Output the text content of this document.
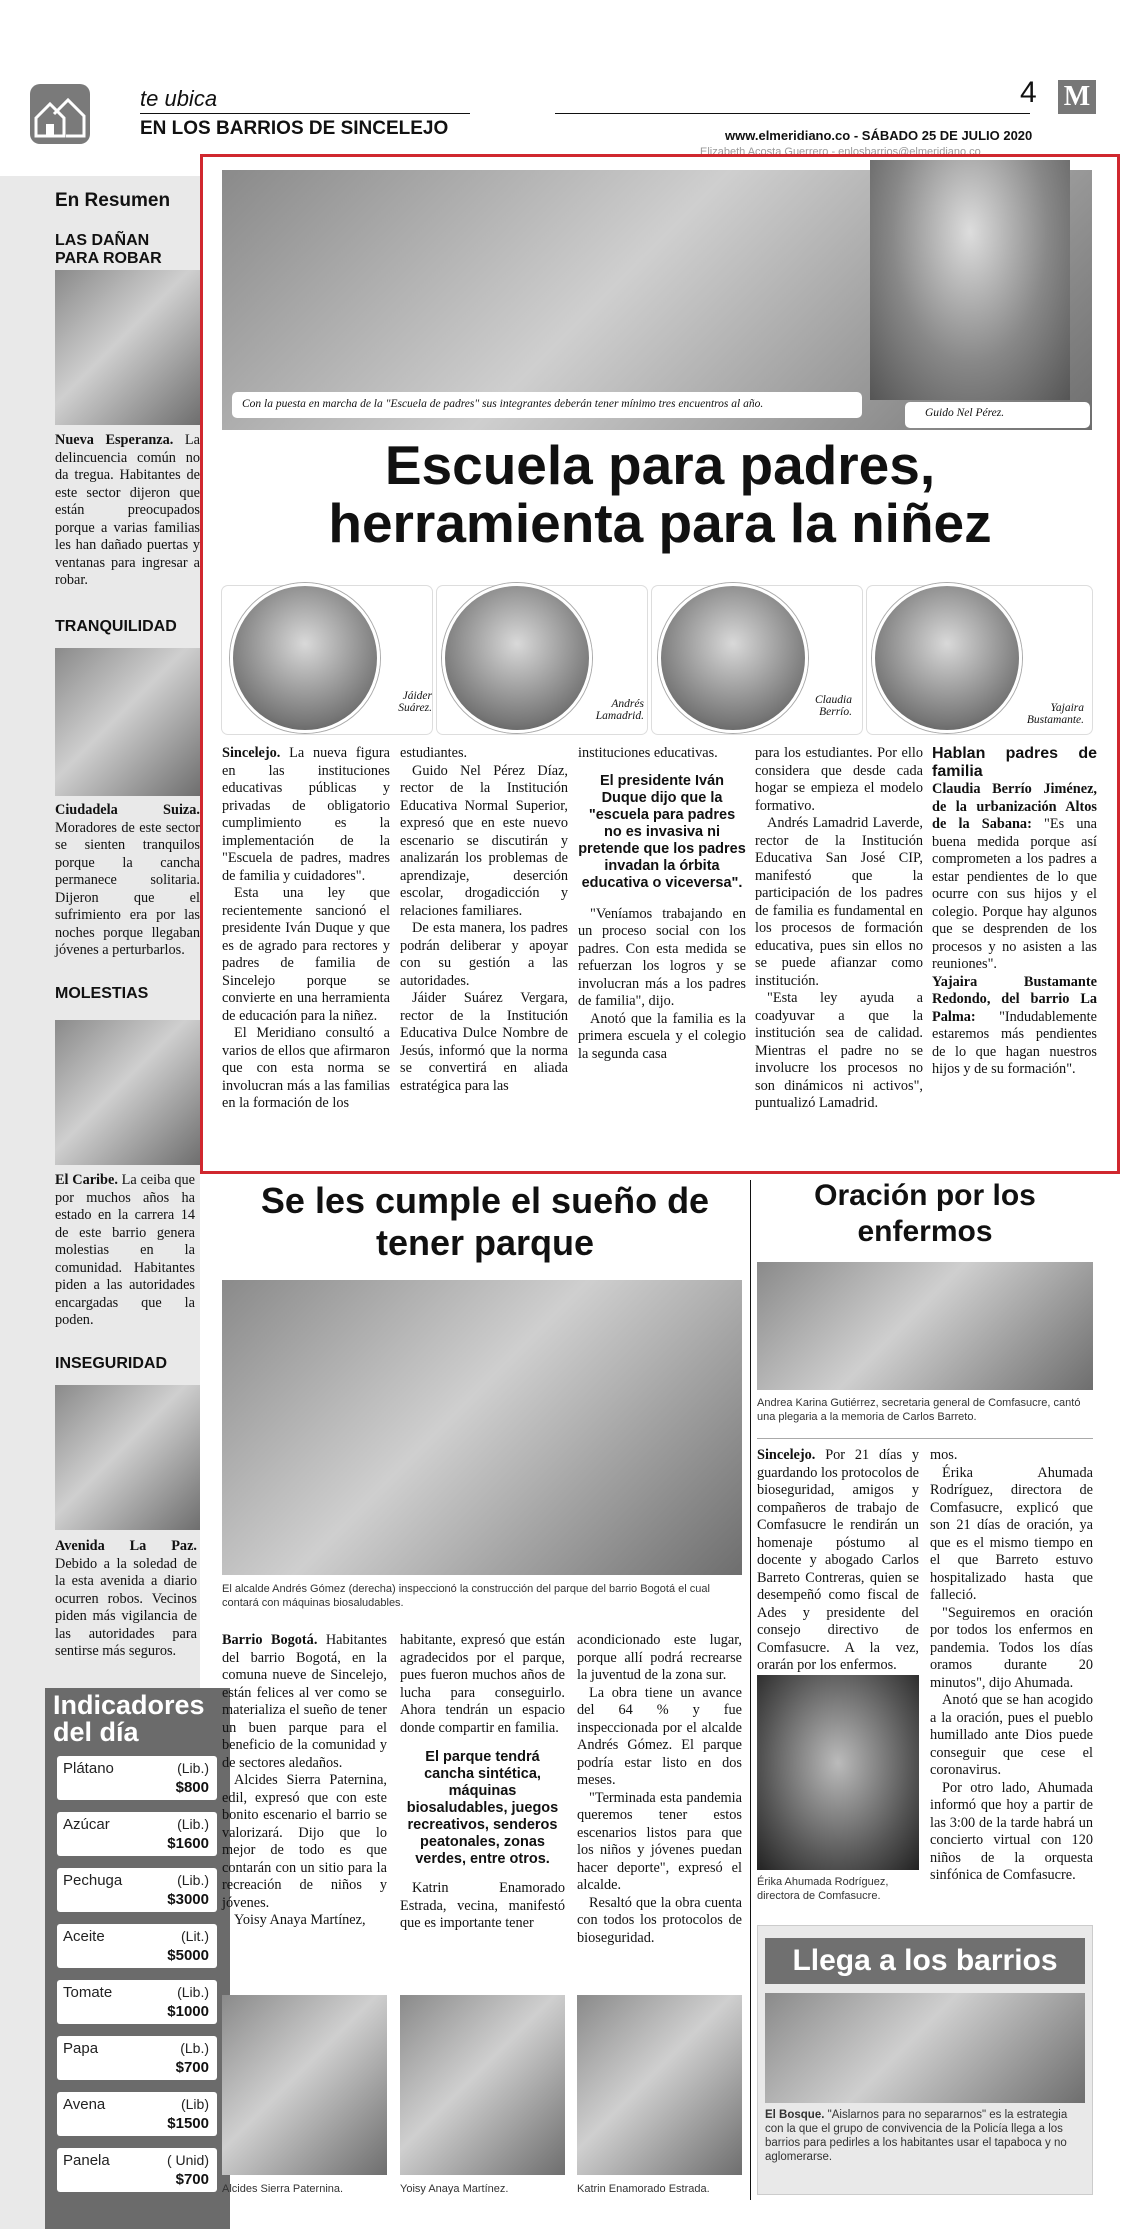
te ubica
EN LOS BARRIOS DE SINCELEJO
4 M
www.elmeridiano.co - SÁBADO 25 DE JULIO 2020
Elizabeth Acosta Guerrero - enlosbarrios@elmeridiano.co
En Resumen
LAS DAÑAN PARA ROBAR

Nueva Esperanza. La delincuencia común no da tregua. Habitantes de este sector dijeron que están preocupados porque a varias familias les han dañado puertas y ventanas para ingresar a robar.

TRANQUILIDAD

Ciudadela Suiza. Moradores de este sector se sienten tranquilos porque la cancha permanece solitaria. Dijeron que el sufrimiento era por las noches porque llegaban jóvenes a perturbarlos.

MOLESTIAS

El Caribe. La ceiba que por muchos años ha estado en la carrera 14 de este barrio genera molestias en la comunidad. Habitantes piden a las autoridades encargadas que la poden.

INSEGURIDAD

Avenida La Paz. Debido a la soledad de la esta avenida a diario ocurren robos. Vecinos piden más vigilancia de las autoridades para sentirse más seguros.

Indicadores del día
Plátano	(Lib.)
$800
Azúcar	(Lib.)
$1600
Pechuga	(Lib.)
$3000
Aceite	(Lit.)
$5000
Tomate	(Lib.)
$1000
Papa	(Lb.)
$700
Avena	(Lib)
$1500
Panela	( Unid)
$700
Con la puesta en marcha de la "Escuela de padres" sus integrantes deberán tener mínimo tres encuentros al año.
Guido Nel Pérez.
Escuela para padres,
herramienta para la niñez
Jáider Suárez.	Andrés Lamadrid.
Claudia Berrío.	Yajaira Bustamante.

Sincelejo. La nueva figura en las instituciones educativas públicas y privadas de obligatorio cumplimiento es la implementación de la "Escuela de padres, madres de familia y cuidadores".

Esta una ley que recientemente sancionó el presidente Iván Duque y que es de agrado para rectores y padres de familia de Sincelejo porque se convierte en una herramienta de educación para la niñez.

El Meridiano consultó a varios de ellos que afirmaron que con esta norma se involucran más a las familias en la formación de los

estudiantes.

Guido Nel Pérez Díaz, rector de la Institución Educativa Normal Superior, expresó que en este nuevo escenario se discutirán y analizarán los problemas de aprendizaje, deserción escolar, drogadicción y relaciones familiares.

De esta manera, los padres podrán deliberar y apoyar con su gestión a las autoridades.

Jáider Suárez Vergara, rector de la Institución Educativa Dulce Nombre de Jesús, informó que la norma se convertirá en aliada estratégica para las

instituciones educativas.

El presidente Iván Duque dijo que la "escuela para padres no es invasiva ni pretende que los padres invadan la órbita educativa o viceversa".

"Veníamos trabajando en un proceso social con los padres. Con esta medida se refuerzan los logros y se involucran más a los padres de familia", dijo.

Anotó que la familia es la primera escuela y el colegio la segunda casa

para los estudiantes. Por ello considera que desde cada hogar se empieza el modelo formativo.

Andrés Lamadrid Laverde, rector de la Institución Educativa San José CIP, manifestó que la participación de los padres de familia es fundamental en los procesos de formación educativa, pues sin ellos no se puede afianzar como institución.

"Esta ley ayuda a coadyuvar a que la institución sea de calidad. Mientras el padre no se involucre los procesos no son dinámicos ni activos", puntualizó Lamadrid.

Hablan padres de familia

Claudia Berrío Jiménez, de la urbanización Altos de la Sabana: "Es una buena medida porque así comprometen a los padres a estar pendientes de lo que ocurre con sus hijos y el colegio. Porque hay algunos que se desprenden de los procesos y no asisten a las reuniones".

Yajaira Bustamante Redondo, del barrio La Palma: "Indudablemente estaremos más pendientes de lo que hagan nuestros hijos y de su formación".

Se les cumple el sueño de tener parque
El alcalde Andrés Gómez (derecha) inspeccionó la construcción del parque del barrio Bogotá el cual contará con máquinas biosaludables.

Barrio Bogotá. Habitantes del barrio Bogotá, en la comuna nueve de Sincelejo, están felices al ver como se materializa el sueño de tener un buen parque para el beneficio de la comunidad y de sectores aledaños.

Alcides Sierra Paternina, edil, expresó que con este bonito escenario el barrio se valorizará. Dijo que lo mejor de todo es que contarán con un sitio para la recreación de niños y jóvenes.

Yoisy Anaya Martínez,

habitante, expresó que están agradecidos por el parque, pues fueron muchos años de lucha para conseguirlo. Ahora tendrán un espacio donde compartir en familia.

El parque tendrá cancha sintética, máquinas biosaludables, juegos recreativos, senderos peatonales, zonas verdes, entre otros.

Katrin Enamorado Estrada, vecina, manifestó que es importante tener

acondicionado este lugar, porque allí podrá recrearse la juventud de la zona sur.

La obra tiene un avance del 64 % y fue inspeccionada por el alcalde Andrés Gómez. El parque podría estar listo en dos meses.

"Terminada esta pandemia queremos tener estos escenarios listos para que los niños y jóvenes puedan hacer deporte", expresó el alcalde.

Resaltó que la obra cuenta con todos los protocolos de bioseguridad.

Alcides Sierra Paternina.	Yoisy Anaya Martínez.	Katrin Enamorado Estrada.
Oración por los enfermos
Andrea Karina Gutiérrez, secretaria general de Comfasucre, cantó una plegaria a la memoria de Carlos Barreto.

Sincelejo. Por 21 días y guardando los protocolos de bioseguridad, amigos y compañeros de trabajo de Comfasucre le rendirán un homenaje póstumo al docente y abogado Carlos Barreto Contreras, quien se desempeñó como fiscal de Ades y presidente del consejo directivo de Comfasucre. A la vez, orarán por los enfermos.

Érika Ahumada Rodríguez, directora de Comfasucre.

mos.

Érika Ahumada Rodríguez, directora de Comfasucre, explicó que son 21 días de oración, ya que es el mismo tiempo en el que Barreto estuvo hospitalizado hasta que falleció.

"Seguiremos en oración por todos los enfermos en pandemia. Todos los días oramos durante 20 minutos", dijo Ahumada.

Anotó que se han acogido a la oración, pues el pueblo humillado ante Dios puede conseguir que cese el coronavirus.

Por otro lado, Ahumada informó que hoy a partir de las 3:00 de la tarde habrá un concierto virtual con 120 niños de la orquesta sinfónica de Comfasucre.

Llega a los barrios
El Bosque. "Aislarnos para no separarnos" es la estrategia con la que el grupo de convivencia de la Policía llega a los barrios para pedirles a los habitantes usar el tapaboca y no aglomerarse.
